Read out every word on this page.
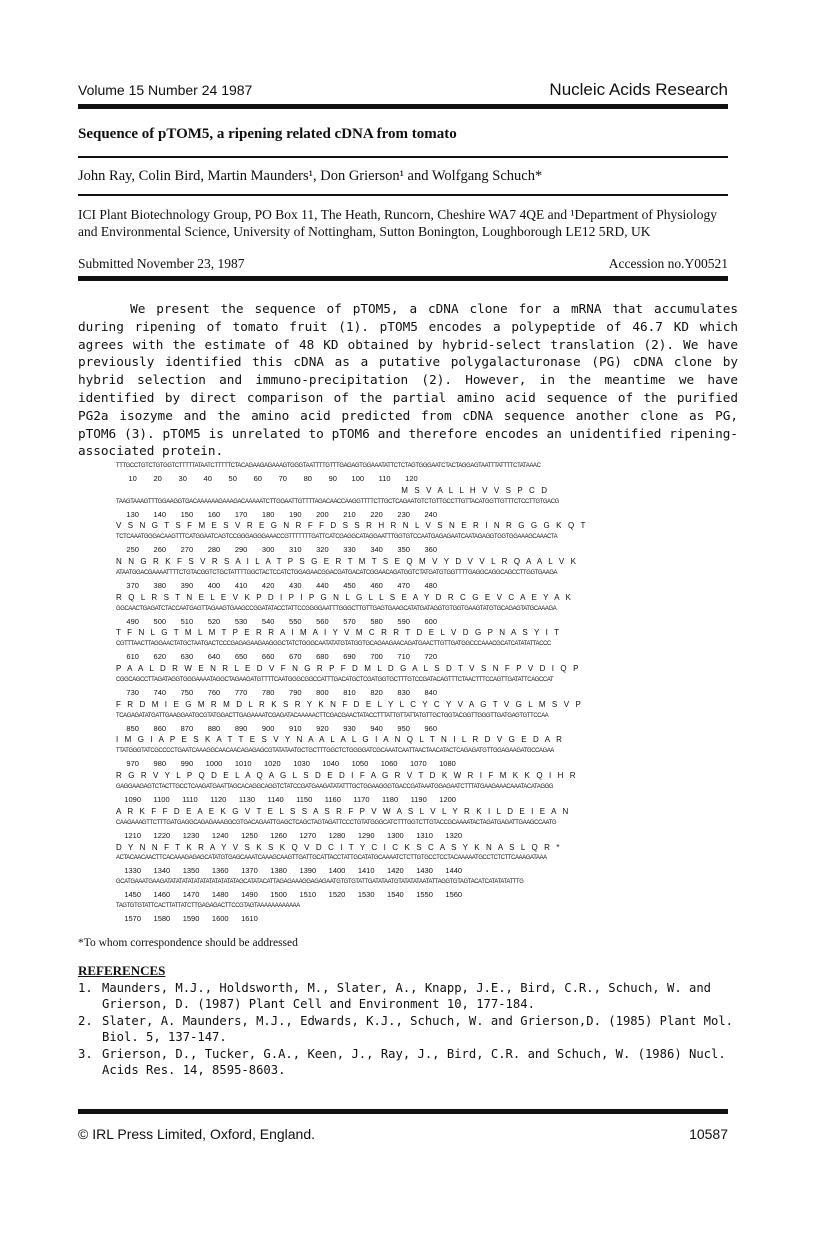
Volume 15 Number 24 1987	Nucleic Acids Research
Sequence of pTOM5, a ripening related cDNA from tomato
John Ray, Colin Bird, Martin Maunders¹, Don Grierson¹ and Wolfgang Schuch*
ICI Plant Biotechnology Group, PO Box 11, The Heath, Runcorn, Cheshire WA7 4QE and ¹Department of Physiology and Environmental Science, University of Nottingham, Sutton Bonington, Loughborough LE12 5RD, UK
Submitted November 23, 1987	Accession no.Y00521

We present the sequence of pTOM5, a cDNA clone for a mRNA that accumulates during ripening of tomato fruit (1). pTOM5 encodes a polypeptide of 46.7 KD which agrees with the estimate of 48 KD obtained by hybrid-select translation (2). We have previously identified this cDNA as a putative polygalacturonase (PG) cDNA clone by hybrid selection and immuno-precipitation (2). However, in the meantime we have identified by direct comparison of the partial amino acid sequence of the purified PG2a isozyme and the amino acid predicted from cDNA sequence another clone as PG, pTOM6 (3). pTOM5 is unrelated to pTOM6 and therefore encodes an unidentified ripening-associated protein.

TTTGCCTGTCTGTGGTCTTTTTATAATCTTTTTCTACAGAAGAGAAAGTGGGTAATTTTGTTTGAGAGTGGAAATATTCTCTAGTGGGAATCTACTAGGAGTAATTTATTTTCTATAAAC
10        20        30        40        50        60        70        80        90       100       110       120
M S V A L L H V V S P C D
TAAGTAAAGTTTGGAAGGTGACAAAAAAGAAAGACAAAAATCTTGGAATTGTTTTAGACAACCAAGGTTTTCTTGCTCAGAATGTCTGTTGCCTTGTTACATGGTTGTTTCTCCTTGTGACG
130       140       150       160       170       180       190       200       210       220       230       240
V S N G T S F M E S V R E G N R F F D S S R H R N L V S N E R I N R G G G K Q T
TCTCAAATGGGACAAGTTTCATGGAATCAGTCCGGGAGGGAAACCGTTTTTTTGATTCATCGAGGCATAGGAATTTGGTGTCCAATGAGAGAATCAATAGAGGTGGTGGAAAGCAAACTA
250       260       270       280       290       300       310       320       330       340       350       360
N N G R K F S V R S A I L A T P S G E R T M T S E Q M V Y D V V L R Q A A L V K
ATAATGGACGAAAATTTTCTGTACGGTCTGCTATTTTGGCTACTCCATCTGGAGAACGGACGATGACATCGGAACAGATGGTCTATGATGTGGTTTTGAGGCAGGCAGCCTTGGTGAAGA
370       380       390       400       410       420       430       440       450       460       470       480
R Q L R S T N E L E V K P D I P I P G N L G L L S E A Y D R C G E V C A E Y A K
GGCAACTGAGATCTACCAATGAGTTAGAAGTGAAGCCGGATATACCTATTCCGGGGAATTTGGGCTTGTTGAGTGAAGCATATGATAGGTGTGGTGAAGTATGTGCAGAGTATGCAAAGA
490       500       510       520       530       540       550       560       570       580       590       600
T F N L G T M L M T P E R R A I M A I Y V M C R R T D E L V D G P N A S Y I T
CGTTTAACTTAGGAACTATGCTAATGACTCCCGAGAGAAGAAGGGCTATCTGGGCAATATATGTATGGTGCAGAAGAACAGATGAACTTGTTGATGGCCCAAACGCATCATATATTACCC
610       620       630       640       650       660       670       680       690       700       710       720
P A A L D R W E N R L E D V F N G R P F D M L D G A L S D T V S N F P V D I Q P
CGGCAGCCTTAGATAGGTGGGAAAATAGGCTAGAAGATGTTTTCAATGGGCGGCCATTTGACATGCTCGATGGTGCTTTGTCCGATACAGTTTCTAACTTTCCAGTTGATATTCAGCCAT
730       740       750       760       770       780       790       800       810       820       830       840
F R D M I E G M R M D L R K S R Y K N F D E L Y L C Y C Y V A G T V G L M S V P
TCAGAGATATGATTGAAGGAATGCGTATGGACTTGAGAAAATCGAGATACAAAAACTTCGACGAACTATACCTTTATTGTTATTATGTTGCTGGTACGGTTGGGTTGATGAGTGTTCCAA
850       860       870       880       890       900       910       920       930       940       950       960
I M G I A P E S K A T T E S V Y N A A L A L G I A N Q L T N I L R D V G E D A R
TTATGGGTATCGCCCCTGAATCAAAGGCAACAACAGAGAGCGTATATAATGCTGCTTTGGCTCTGGGGATCGCAAATCAATTAACTAACATACTCAGAGATGTTGGAGAAGATGCCAGAA
970       980       990      1000      1010      1020      1030      1040      1050      1060      1070      1080
R G R V Y L P Q D E L A Q A G L S D E D I F A G R V T D K W R I F M K K Q I H R
GAGGAAGAGTCTACTTGCCTCAAGATGAATTAGCACAGGCAGGTCTATCCGATGAAGATATATTTGCTGGAAGGGTGACCGATAAATGGAGAATCTTTATGAAGAAACAAATACATAGGG
1090      1100      1110      1120      1130      1140      1150      1160      1170      1180      1190      1200
A R K F F D E A E K G V T E L S S A S R F P V W A S L V L Y R K I L D E I E A N
CAAGAAAGTTCTTTGATGAGGCAGAGAAAGGCGTGACAGAATTGAGCTCAGCTAGTAGATTCCCTGTATGGGCATCTTTGGTCTTGTACCGCAAAATACTAGATGAGATTGAAGCCAATG
1210      1220      1230      1240      1250      1260      1270      1280      1290      1300      1310      1320
D Y N N F T K R A Y V S K S K Q V D C I T Y C I C K S C A S Y K N A S L Q R *
ACTACAACAACTTCACAAAGAGAGCATATGTGAGCAAATCAAAGCAAGTTGATTGCATTACCTATTGCATATGCAAAATCTCTTGTGCCTCCTACAAAAATGCCTCTCTTCAAAGATAAA
1330      1340      1350      1360      1370      1380      1390      1400      1410      1420      1430      1440
GCATGAAATGAAGATATATATATATATATATATATATAGCATATACATTAGAGAAAGGAGAGAATGTGTGTATTGATATAATGTATATATAATATTAGGTGTAGTACATCATATATATTTG
1450      1460      1470      1480      1490      1500      1510      1520      1530      1540      1550      1560
TAGTGTGTATTCACTTATTATCTTGAGAGACTTCCGTAGTAAAAAAAAAAAA
1570      1580      1590      1600      1610
*To whom correspondence should be addressed
REFERENCES
1. Maunders, M.J., Holdsworth, M., Slater, A., Knapp, J.E., Bird, C.R., Schuch, W. and Grierson, D. (1987) Plant Cell and Environment 10, 177-184.
2. Slater, A. Maunders, M.J., Edwards, K.J., Schuch, W. and Grierson,D. (1985) Plant Mol. Biol. 5, 137-147.
3. Grierson, D., Tucker, G.A., Keen, J., Ray, J., Bird, C.R. and Schuch, W. (1986) Nucl. Acids Res. 14, 8595-8603.
© IRL Press Limited, Oxford, England.	10587
